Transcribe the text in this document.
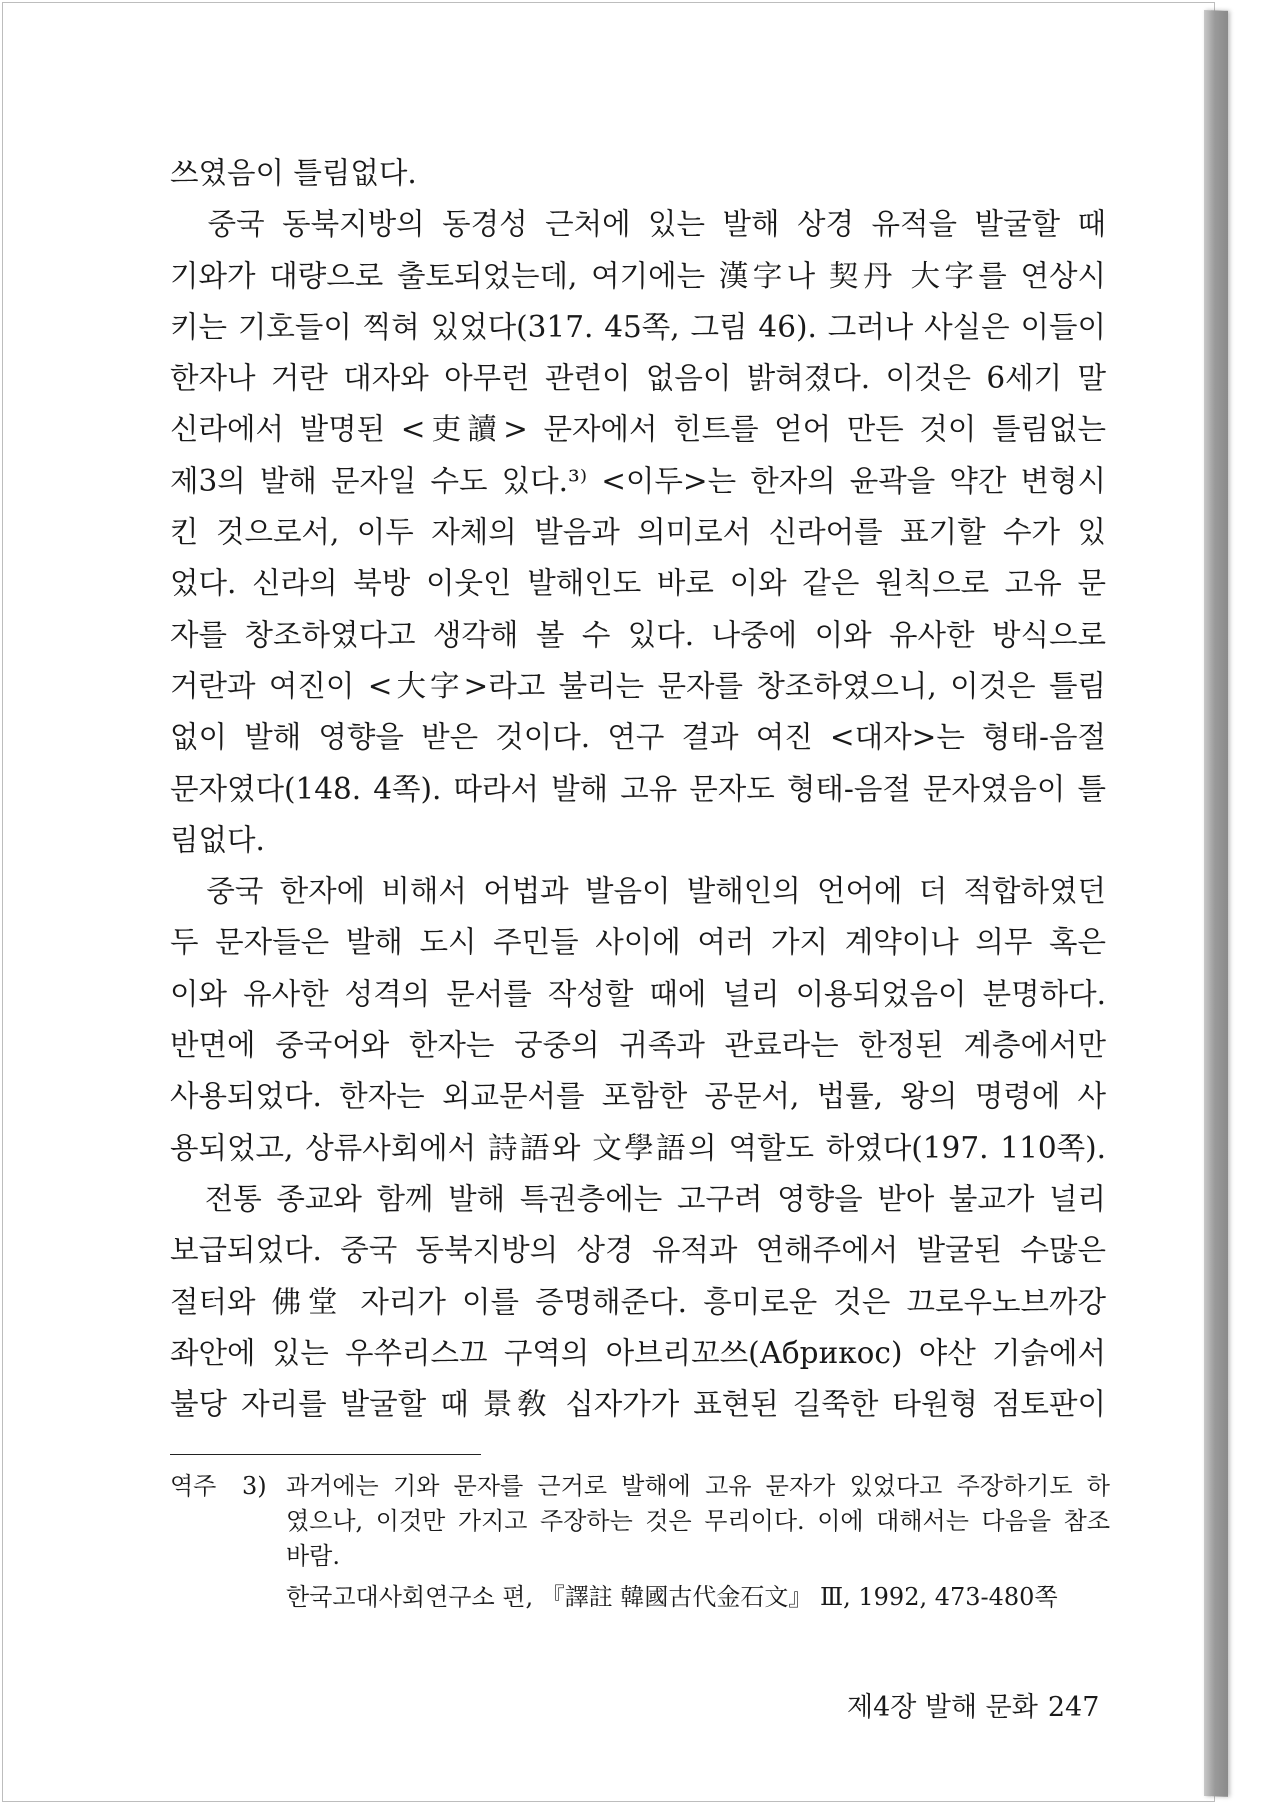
쓰였음이 틀림없다.
　중국 동북지방의 동경성 근처에 있는 발해 상경 유적을 발굴할 때
기와가 대량으로 출토되었는데, 여기에는 漢字나 契丹 大字를 연상시
키는 기호들이 찍혀 있었다(317. 45쪽, 그림 46). 그러나 사실은 이들이
한자나 거란 대자와 아무런 관련이 없음이 밝혀졌다. 이것은 6세기 말
신라에서 발명된 <吏讀> 문자에서 힌트를 얻어 만든 것이 틀림없는
제3의 발해 문자일 수도 있다.³⁾ <이두>는 한자의 윤곽을 약간 변형시
킨 것으로서, 이두 자체의 발음과 의미로서 신라어를 표기할 수가 있
었다. 신라의 북방 이웃인 발해인도 바로 이와 같은 원칙으로 고유 문
자를 창조하였다고 생각해 볼 수 있다. 나중에 이와 유사한 방식으로
거란과 여진이 <大字>라고 불리는 문자를 창조하였으니, 이것은 틀림
없이 발해 영향을 받은 것이다. 연구 결과 여진 <대자>는 형태-음절
문자였다(148. 4쪽). 따라서 발해 고유 문자도 형태-음절 문자였음이 틀
림없다.
　중국 한자에 비해서 어법과 발음이 발해인의 언어에 더 적합하였던
두 문자들은 발해 도시 주민들 사이에 여러 가지 계약이나 의무 혹은
이와 유사한 성격의 문서를 작성할 때에 널리 이용되었음이 분명하다.
반면에 중국어와 한자는 궁중의 귀족과 관료라는 한정된 계층에서만
사용되었다. 한자는 외교문서를 포함한 공문서, 법률, 왕의 명령에 사
용되었고, 상류사회에서 詩語와 文學語의 역할도 하였다(197. 110쪽).
　전통 종교와 함께 발해 특권층에는 고구려 영향을 받아 불교가 널리
보급되었다. 중국 동북지방의 상경 유적과 연해주에서 발굴된 수많은
절터와 佛堂 자리가 이를 증명해준다. 흥미로운 것은 끄로우노브까강
좌안에 있는 우쑤리스끄 구역의 아브리꼬쓰(Абрикос) 야산 기슭에서
불당 자리를 발굴할 때 景敎 십자가가 표현된 길쭉한 타원형 점토판이
역주 3) 과거에는 기와 문자를 근거로 발해에 고유 문자가 있었다고 주장하기도 하
였으나, 이것만 가지고 주장하는 것은 무리이다. 이에 대해서는 다음을 참조
바람.
한국고대사회연구소 편, 『譯註 韓國古代金石文』 Ⅲ, 1992, 473-480쪽
제4장 발해 문화 247
